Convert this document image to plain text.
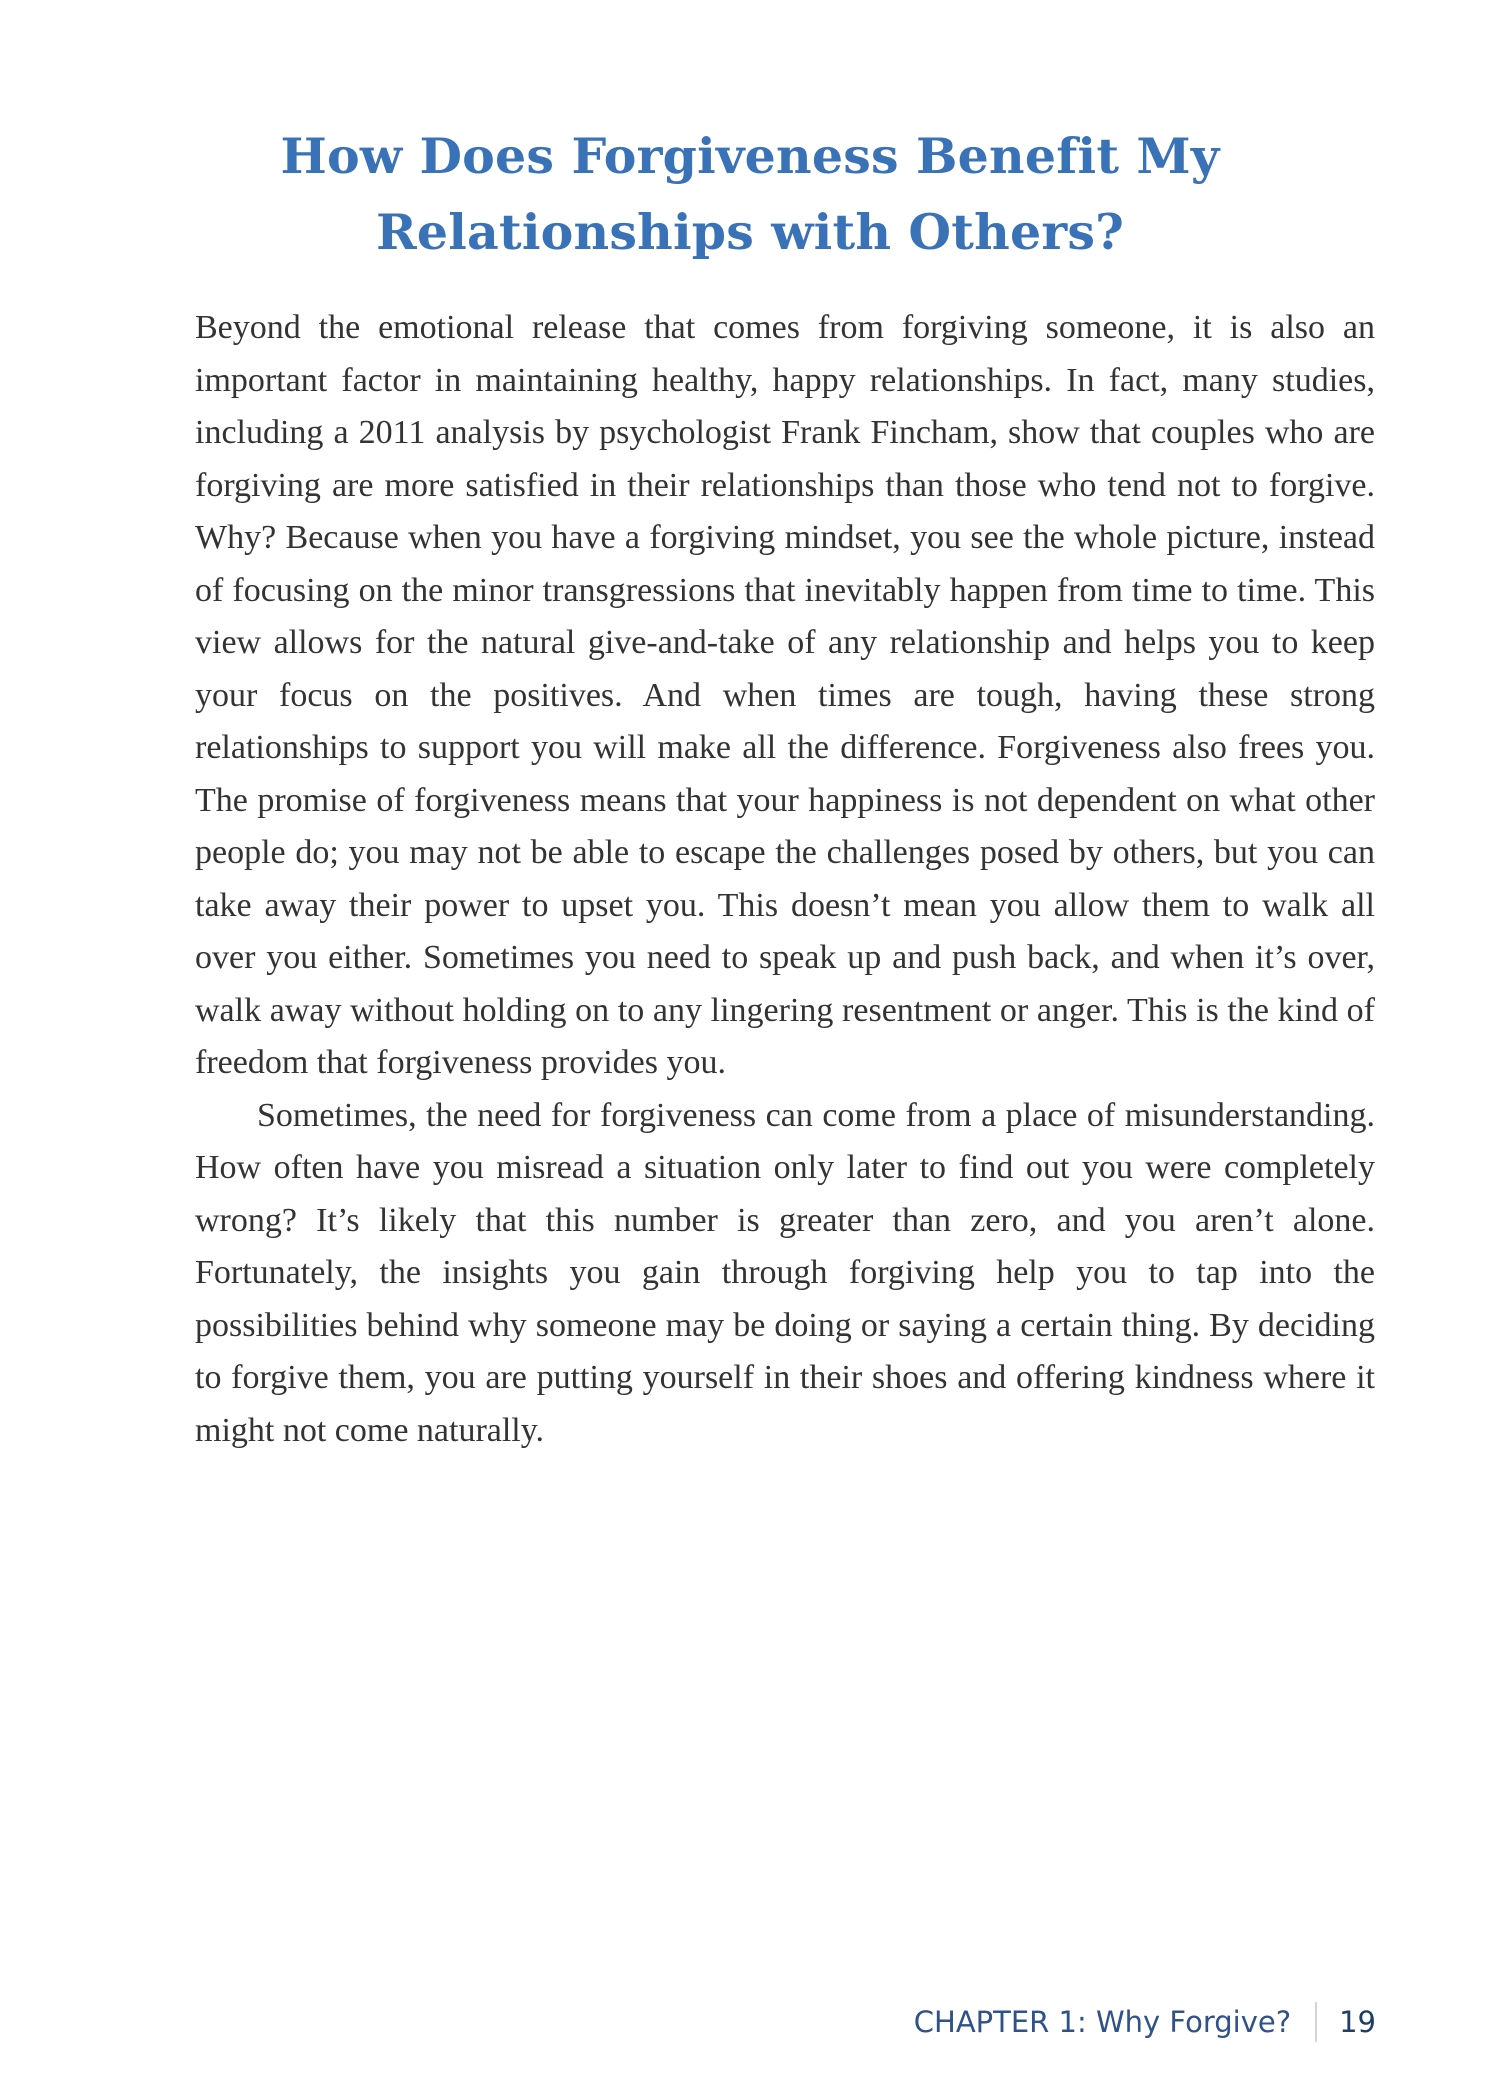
How Does Forgiveness Benefit My
Relationships with Others?

Beyond the emotional release that comes from forgiving someone, it is also an important factor in maintaining healthy, happy relationships. In fact, many studies, including a 2011 analysis by psychologist Frank Fincham, show that couples who are forgiving are more satisfied in their relationships than those who tend not to forgive. Why? Because when you have a forgiving mindset, you see the whole picture, instead of focusing on the minor transgressions that inevitably happen from time to time. This view allows for the natural give-and-take of any relationship and helps you to keep your focus on the positives. And when times are tough, having these strong relationships to support you will make all the difference. Forgiveness also frees you. The promise of forgiveness means that your happiness is not dependent on what other people do; you may not be able to escape the challenges posed by others, but you can take away their power to upset you. This doesn’t mean you allow them to walk all over you either. Sometimes you need to speak up and push back, and when it’s over, walk away without holding on to any lingering resentment or anger. This is the kind of freedom that forgiveness provides you.

Sometimes, the need for forgiveness can come from a place of misunderstanding. How often have you misread a situation only later to find out you were completely wrong? It’s likely that this number is greater than zero, and you aren’t alone. Fortunately, the insights you gain through forgiving help you to tap into the possibilities behind why someone may be doing or saying a certain thing. By deciding to forgive them, you are putting yourself in their shoes and offering kindness where it might not come naturally.

CHAPTER 1: Why Forgive? 19
